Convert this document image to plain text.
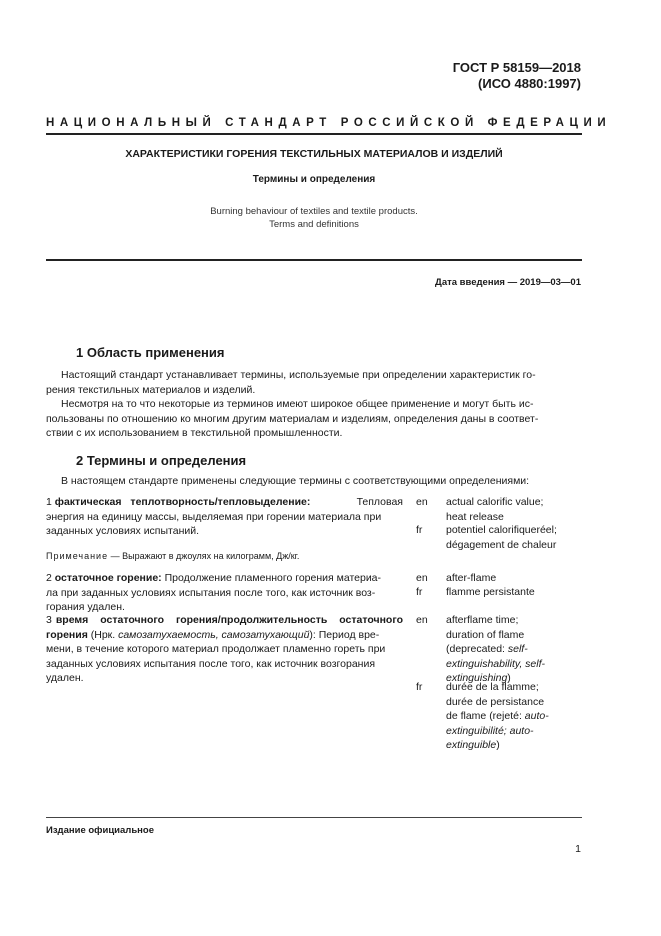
ГОСТ Р 58159—2018
(ИСО 4880:1997)
НАЦИОНАЛЬНЫЙ СТАНДАРТ РОССИЙСКОЙ ФЕДЕРАЦИИ
ХАРАКТЕРИСТИКИ ГОРЕНИЯ ТЕКСТИЛЬНЫХ МАТЕРИАЛОВ И ИЗДЕЛИЙ
Термины и определения
Burning behaviour of textiles and textile products.
Terms and definitions
Дата введения — 2019—03—01
1 Область применения
Настоящий стандарт устанавливает термины, используемые при определении характеристик го-
рения текстильных материалов и изделий.
Несмотря на то что некоторые из терминов имеют широкое общее применение и могут быть ис-
пользованы по отношению ко многим другим материалам и изделиям, определения даны в соответ-
ствии с их использованием в текстильной промышленности.
2 Термины и определения
В настоящем стандарте применены следующие термины с соответствующими определениями:
1 фактическая теплотворность/тепловыделение:	Тепловая
энергия на единицу массы, выделяемая при горении материала при
заданных условиях испытаний.
en actual calorific value;
heat release
fr potentiel calorifiqueréel;
dégagement de chaleur
Примечание — Выражают в джоулях на килограмм, Дж/кг.
2 остаточное горение: Продолжение пламенного горения материа-
ла при заданных условиях испытания после того, как источник воз-
горания удален.
en after-flame
fr flamme persistante
3 время остаточного горения/продолжительность остаточного
горения (Нрк. самозатухаемость, самозатухающий): Период вре-
мени, в течение которого материал продолжает пламенно гореть при
заданных условиях испытания после того, как источник возгорания
удален.
en afterflame time;
duration of flame
(deprecated: self-
extinguishability, self-
extinguishing)
fr durée de la flamme;
durée de persistance
de flame (rejeté: auto-
extinguibilité; auto-
extinguible)
Издание официальное
1
